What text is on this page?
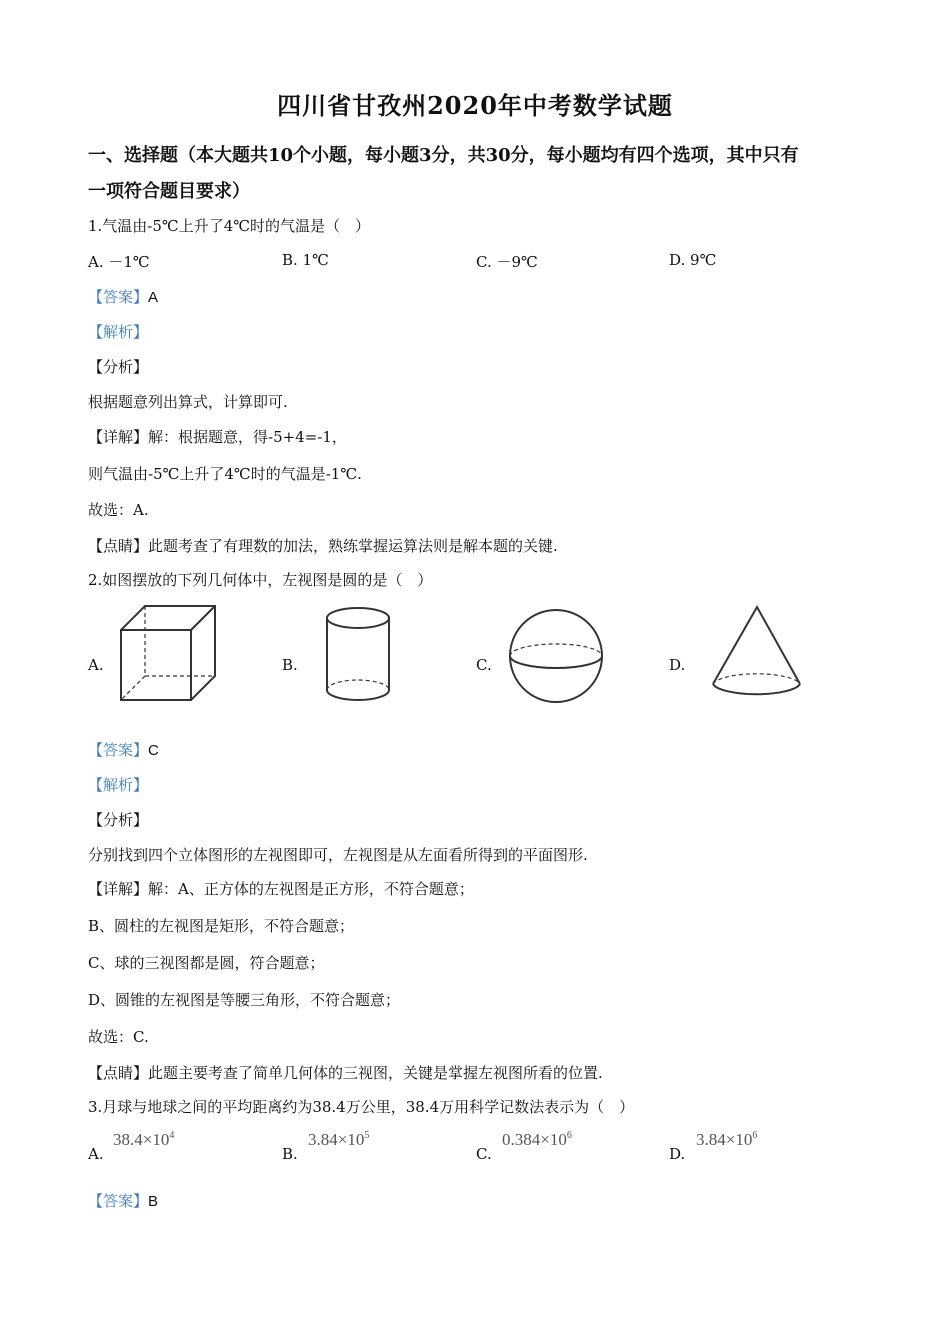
四川省甘孜州2020年中考数学试题
一、选择题（本大题共10个小题，每小题3分，共30分，每小题均有四个选项，其中只有
一项符合题目要求）
1.气温由-5℃上升了4℃时的气温是（　）
A. －1℃	B. 1℃	C. －9℃	D. 9℃
【答案】A
【解析】
【分析】
根据题意列出算式，计算即可.
【详解】解：根据题意，得-5+4=-1，
则气温由-5℃上升了4℃时的气温是-1℃.
故选：A.
【点睛】此题考查了有理数的加法，熟练掌握运算法则是解本题的关键.
2.如图摆放的下列几何体中，左视图是圆的是（　）
A.	B.	C.	D.
【答案】C
【解析】
【分析】
分别找到四个立体图形的左视图即可，左视图是从左面看所得到的平面图形.
【详解】解：A、正方体的左视图是正方形，不符合题意；
B、圆柱的左视图是矩形，不符合题意；
C、球的三视图都是圆，符合题意；
D、圆锥的左视图是等腰三角形，不符合题意；
故选：C.
【点睛】此题主要考查了简单几何体的三视图，关键是掌握左视图所看的位置.
3.月球与地球之间的平均距离约为38.4万公里，38.4万用科学记数法表示为（　）
A.
$38.4\times 10^4$
B.
$3.84\times 10^5$
C.
$0.384\times 10^6$
D.
$3.84\times 10^6$
【答案】B
